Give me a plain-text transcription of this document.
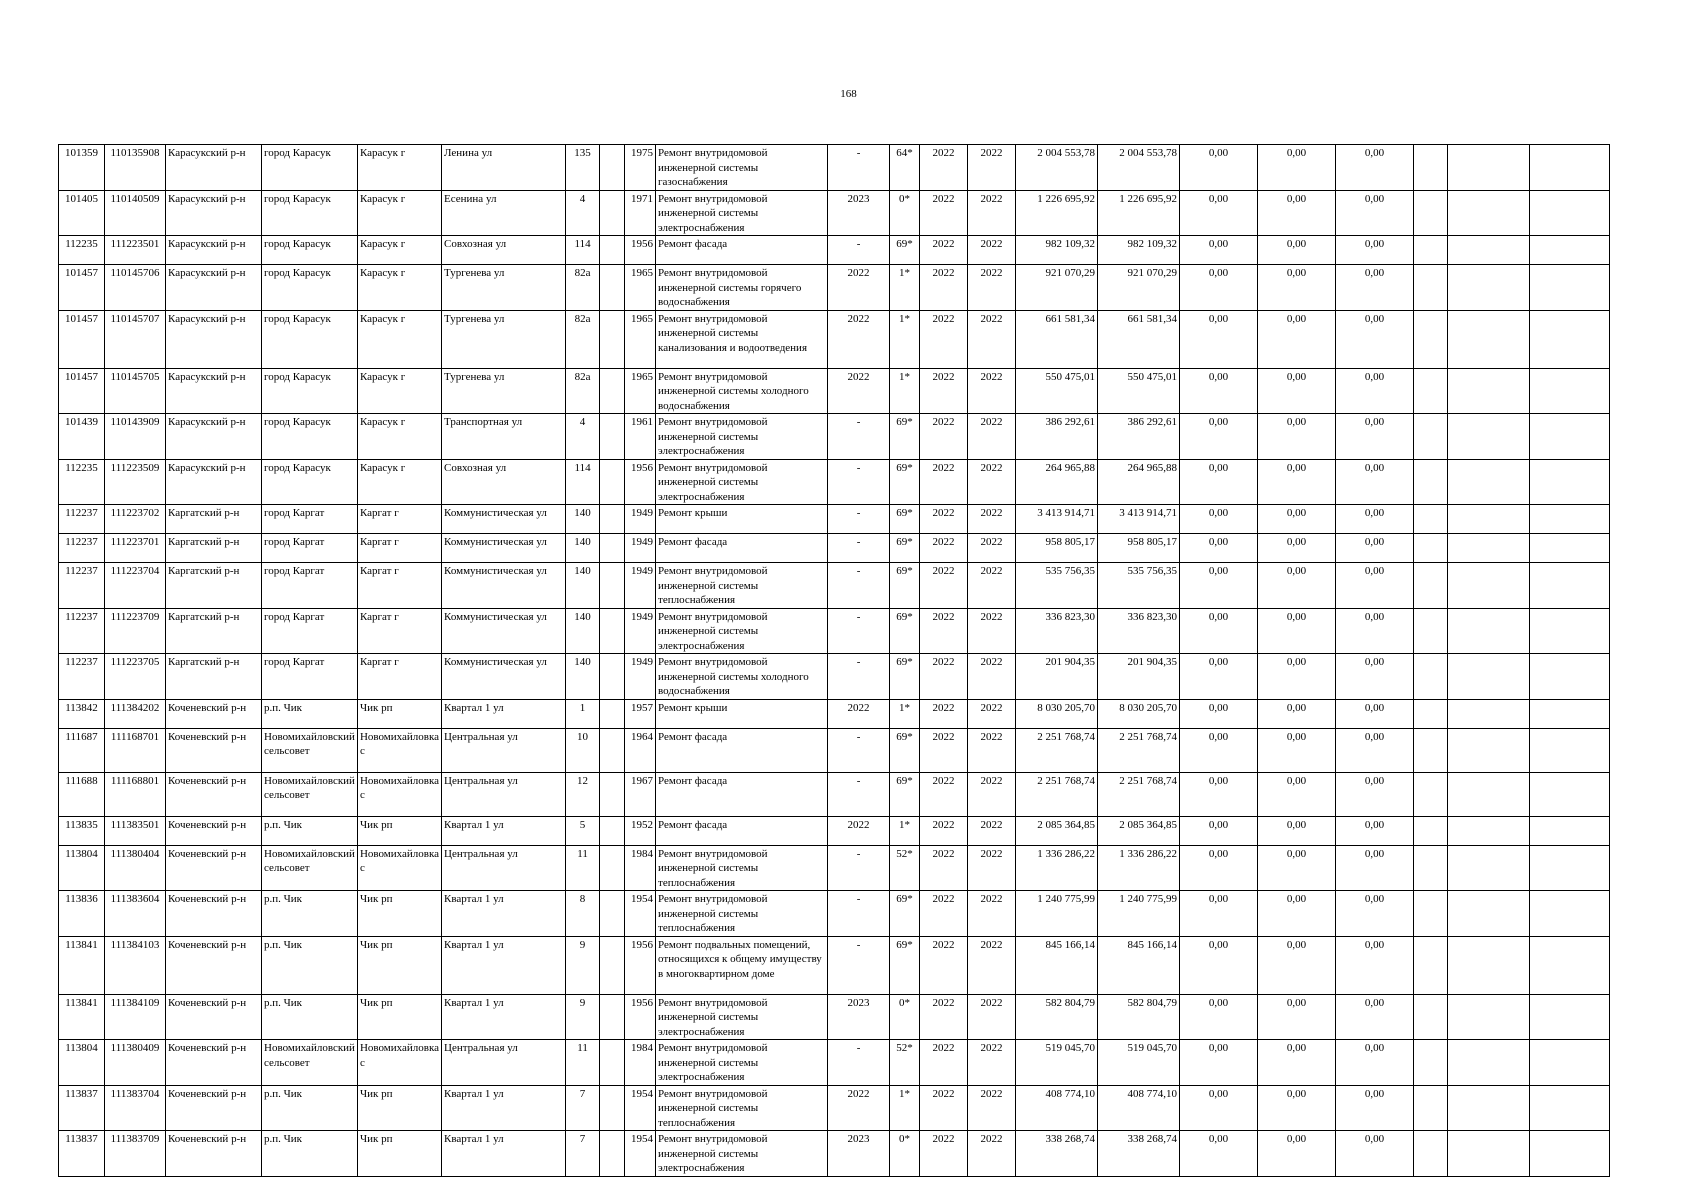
168
101359	110135908	Карасукский р-н	город Карасук	Карасук г	Ленина ул	135		1975	Ремонт внутридомовой инженерной системы газоснабжения	-	64*	2022	2022	2 004 553,78	2 004 553,78	0,00	0,00	0,00			
101405	110140509	Карасукский р-н	город Карасук	Карасук г	Есенина ул	4		1971	Ремонт внутридомовой инженерной системы электроснабжения	2023	0*	2022	2022	1 226 695,92	1 226 695,92	0,00	0,00	0,00			
112235	111223501	Карасукский р-н	город Карасук	Карасук г	Совхозная ул	114		1956	Ремонт фасада	-	69*	2022	2022	982 109,32	982 109,32	0,00	0,00	0,00			
101457	110145706	Карасукский р-н	город Карасук	Карасук г	Тургенева ул	82а		1965	Ремонт внутридомовой инженерной системы горячего водоснабжения	2022	1*	2022	2022	921 070,29	921 070,29	0,00	0,00	0,00			
101457	110145707	Карасукский р-н	город Карасук	Карасук г	Тургенева ул	82а		1965	Ремонт внутридомовой инженерной системы канализования и водоотведения	2022	1*	2022	2022	661 581,34	661 581,34	0,00	0,00	0,00			
101457	110145705	Карасукский р-н	город Карасук	Карасук г	Тургенева ул	82а		1965	Ремонт внутридомовой инженерной системы холодного водоснабжения	2022	1*	2022	2022	550 475,01	550 475,01	0,00	0,00	0,00			
101439	110143909	Карасукский р-н	город Карасук	Карасук г	Транспортная ул	4		1961	Ремонт внутридомовой инженерной системы электроснабжения	-	69*	2022	2022	386 292,61	386 292,61	0,00	0,00	0,00			
112235	111223509	Карасукский р-н	город Карасук	Карасук г	Совхозная ул	114		1956	Ремонт внутридомовой инженерной системы электроснабжения	-	69*	2022	2022	264 965,88	264 965,88	0,00	0,00	0,00			
112237	111223702	Каргатский р-н	город Каргат	Каргат г	Коммунистическая ул	140		1949	Ремонт крыши	-	69*	2022	2022	3 413 914,71	3 413 914,71	0,00	0,00	0,00			
112237	111223701	Каргатский р-н	город Каргат	Каргат г	Коммунистическая ул	140		1949	Ремонт фасада	-	69*	2022	2022	958 805,17	958 805,17	0,00	0,00	0,00			
112237	111223704	Каргатский р-н	город Каргат	Каргат г	Коммунистическая ул	140		1949	Ремонт внутридомовой инженерной системы теплоснабжения	-	69*	2022	2022	535 756,35	535 756,35	0,00	0,00	0,00			
112237	111223709	Каргатский р-н	город Каргат	Каргат г	Коммунистическая ул	140		1949	Ремонт внутридомовой инженерной системы электроснабжения	-	69*	2022	2022	336 823,30	336 823,30	0,00	0,00	0,00			
112237	111223705	Каргатский р-н	город Каргат	Каргат г	Коммунистическая ул	140		1949	Ремонт внутридомовой инженерной системы холодного водоснабжения	-	69*	2022	2022	201 904,35	201 904,35	0,00	0,00	0,00			
113842	111384202	Коченевский р-н	р.п. Чик	Чик рп	Квартал 1 ул	1		1957	Ремонт крыши	2022	1*	2022	2022	8 030 205,70	8 030 205,70	0,00	0,00	0,00			
111687	111168701	Коченевский р-н	Новомихайловский сельсовет	Новомихайловка с	Центральная ул	10		1964	Ремонт фасада	-	69*	2022	2022	2 251 768,74	2 251 768,74	0,00	0,00	0,00			
111688	111168801	Коченевский р-н	Новомихайловский сельсовет	Новомихайловка с	Центральная ул	12		1967	Ремонт фасада	-	69*	2022	2022	2 251 768,74	2 251 768,74	0,00	0,00	0,00			
113835	111383501	Коченевский р-н	р.п. Чик	Чик рп	Квартал 1 ул	5		1952	Ремонт фасада	2022	1*	2022	2022	2 085 364,85	2 085 364,85	0,00	0,00	0,00			
113804	111380404	Коченевский р-н	Новомихайловский сельсовет	Новомихайловка с	Центральная ул	11		1984	Ремонт внутридомовой инженерной системы теплоснабжения	-	52*	2022	2022	1 336 286,22	1 336 286,22	0,00	0,00	0,00			
113836	111383604	Коченевский р-н	р.п. Чик	Чик рп	Квартал 1 ул	8		1954	Ремонт внутридомовой инженерной системы теплоснабжения	-	69*	2022	2022	1 240 775,99	1 240 775,99	0,00	0,00	0,00			
113841	111384103	Коченевский р-н	р.п. Чик	Чик рп	Квартал 1 ул	9		1956	Ремонт подвальных помещений, относящихся к общему имуществу в многоквартирном доме	-	69*	2022	2022	845 166,14	845 166,14	0,00	0,00	0,00			
113841	111384109	Коченевский р-н	р.п. Чик	Чик рп	Квартал 1 ул	9		1956	Ремонт внутридомовой инженерной системы электроснабжения	2023	0*	2022	2022	582 804,79	582 804,79	0,00	0,00	0,00			
113804	111380409	Коченевский р-н	Новомихайловский сельсовет	Новомихайловка с	Центральная ул	11		1984	Ремонт внутридомовой инженерной системы электроснабжения	-	52*	2022	2022	519 045,70	519 045,70	0,00	0,00	0,00			
113837	111383704	Коченевский р-н	р.п. Чик	Чик рп	Квартал 1 ул	7		1954	Ремонт внутридомовой инженерной системы теплоснабжения	2022	1*	2022	2022	408 774,10	408 774,10	0,00	0,00	0,00			
113837	111383709	Коченевский р-н	р.п. Чик	Чик рп	Квартал 1 ул	7		1954	Ремонт внутридомовой инженерной системы электроснабжения	2023	0*	2022	2022	338 268,74	338 268,74	0,00	0,00	0,00			
